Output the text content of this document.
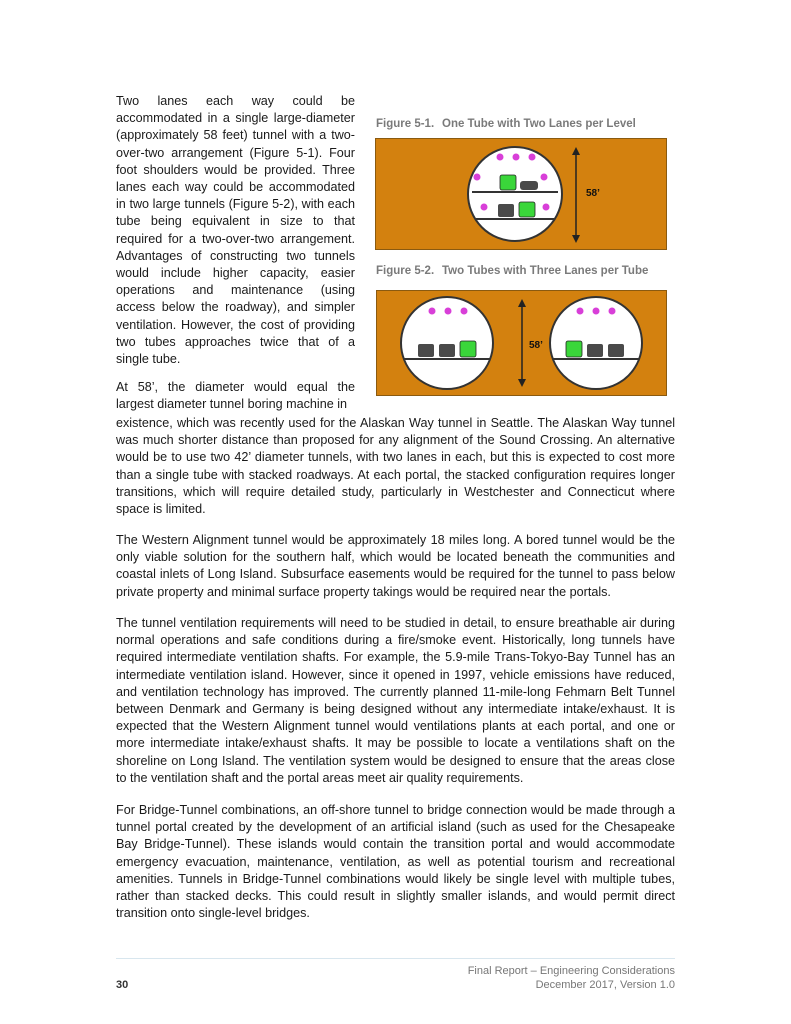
Two lanes each way could be accommodated in a single large-diameter (approximately 58 feet) tunnel with a two-over-two arrangement (Figure 5-1). Four foot shoulders would be provided. Three lanes each way could be accommodated in two large tunnels (Figure 5-2), with each tube being equivalent in size to that required for a two-over-two arrangement. Advantages of constructing two tunnels would include higher capacity, easier operations and maintenance (using access below the roadway), and simpler ventilation. However, the cost of providing two tubes approaches twice that of a single tube.

At 58’, the diameter would equal the largest diameter tunnel boring machine in

Figure 5-1. One Tube with Two Lanes per Level
58’
Figure 5-2. Two Tubes with Three Lanes per Tube
58’

existence, which was recently used for the Alaskan Way tunnel in Seattle. The Alaskan Way tunnel was much shorter distance than proposed for any alignment of the Sound Crossing. An alternative would be to use two 42’ diameter tunnels, with two lanes in each, but this is expected to cost more than a single tube with stacked roadways. At each portal, the stacked configuration requires longer transitions, which will require detailed study, particularly in Westchester and Connecticut where space is limited.

The Western Alignment tunnel would be approximately 18 miles long. A bored tunnel would be the only viable solution for the southern half, which would be located beneath the communities and coastal inlets of Long Island. Subsurface easements would be required for the tunnel to pass below private property and minimal surface property takings would be required near the portals.

The tunnel ventilation requirements will need to be studied in detail, to ensure breathable air during normal operations and safe conditions during a fire/smoke event. Historically, long tunnels have required intermediate ventilation shafts. For example, the 5.9-mile Trans-Tokyo-Bay Tunnel has an intermediate ventilation island. However, since it opened in 1997, vehicle emissions have reduced, and ventilation technology has improved. The currently planned 11-mile-long Fehmarn Belt Tunnel between Denmark and Germany is being designed without any intermediate intake/exhaust. It is expected that the Western Alignment tunnel would ventilations plants at each portal, and one or more intermediate intake/exhaust shafts. It may be possible to locate a ventilations shaft on the shoreline on Long Island. The ventilation system would be designed to ensure that the areas close to the ventilation shaft and the portal areas meet air quality requirements.

For Bridge-Tunnel combinations, an off-shore tunnel to bridge connection would be made through a tunnel portal created by the development of an artificial island (such as used for the Chesapeake Bay Bridge-Tunnel). These islands would contain the transition portal and would accommodate emergency evacuation, maintenance, ventilation, as well as potential tourism and recreational amenities. Tunnels in Bridge-Tunnel combinations would likely be single level with multiple tubes, rather than stacked decks. This could result in slightly smaller islands, and would permit direct transition onto single-level bridges.

Final Report – Engineering Considerations
December 2017, Version 1.0
30
